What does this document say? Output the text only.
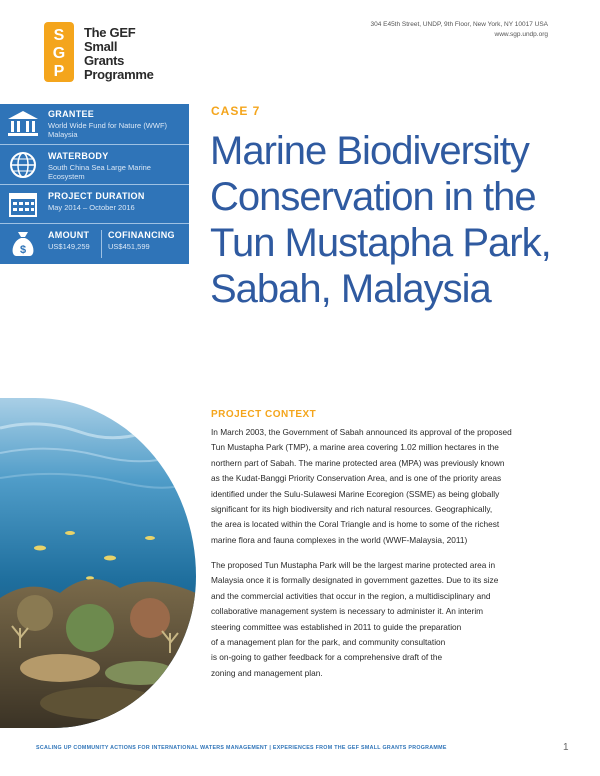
S
G
P
The GEF
Small Grants
Programme
304 E45th Street, UNDP, 9th Floor, New York, NY 10017 USA
www.sgp.undp.org
GRANTEE
World Wide Fund for Nature (WWF)
Malaysia
WATERBODY
South China Sea Large Marine Ecosystem
PROJECT DURATION
May 2014 – October 2016
$
AMOUNT
US$149,259
COFINANCING
US$451,599
CASE 7
Marine Biodiversity
Conservation in the
Tun Mustapha Park,
Sabah, Malaysia
PROJECT CONTEXT
In March 2003, the Government of Sabah announced its approval of the proposed
Tun Mustapha Park (TMP), a marine area covering 1.02 million hectares in the
northern part of Sabah. The marine protected area (MPA) was previously known
as the Kudat-Banggi Priority Conservation Area, and is one of the priority areas
identified under the Sulu-Sulawesi Marine Ecoregion (SSME) as being globally
significant for its high biodiversity and rich natural resources. Geographically,
the area is located within the Coral Triangle and is home to some of the richest
marine flora and fauna complexes in the world (WWF-Malaysia, 2011)
The proposed Tun Mustapha Park will be the largest marine protected area in
Malaysia once it is formally designated in government gazettes. Due to its size
and the commercial activities that occur in the region, a multidisciplinary and
collaborative management system is necessary to administer it. An interim
steering committee was established in 2011 to guide the preparation
of a management plan for the park, and community consultation
is on-going to gather feedback for a comprehensive draft of the
zoning and management plan.
SCALING UP COMMUNITY ACTIONS FOR INTERNATIONAL WATERS MANAGEMENT | EXPERIENCES FROM THE GEF SMALL GRANTS PROGRAMME	1
